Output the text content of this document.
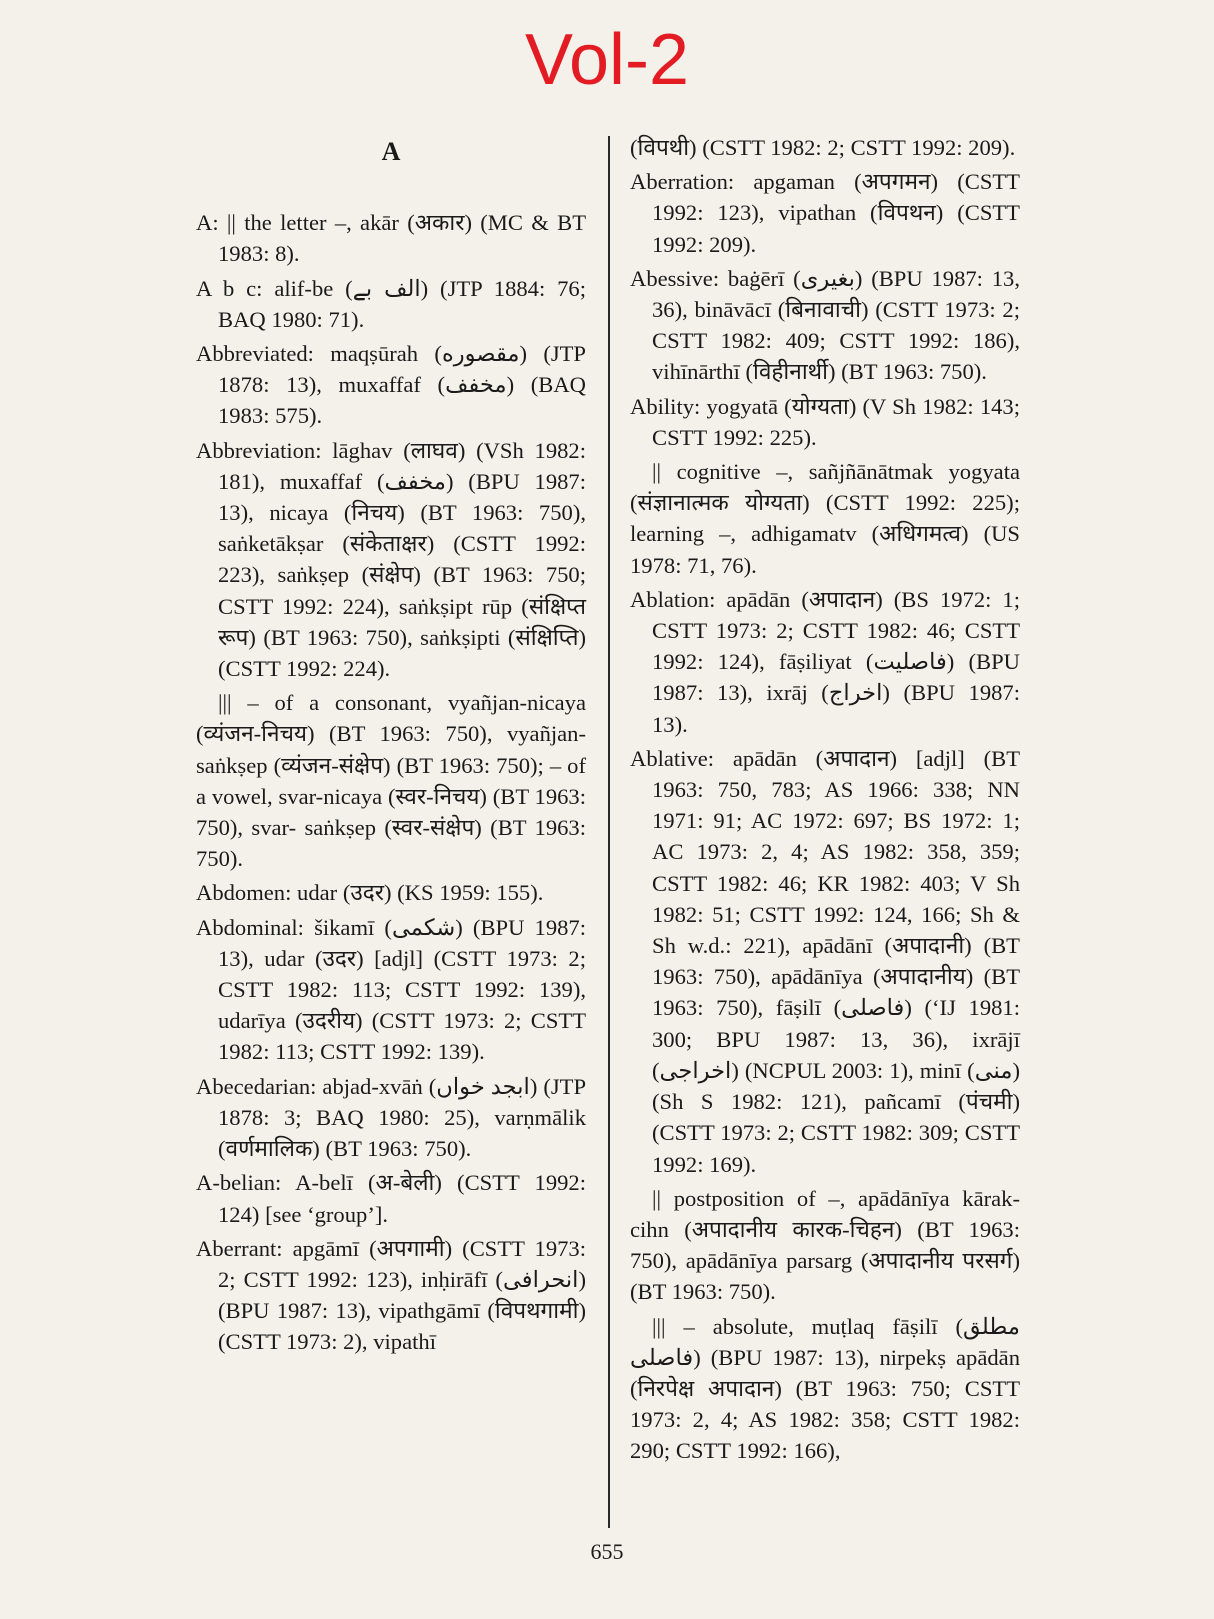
Vol-2
A

A: || the letter –, akār (अकार) (MC & BT 1983: 8).

A b c: alif-be (الف بے) (JTP 1884: 76; BAQ 1980: 71).

Abbreviated: maqṣūrah (مقصوره) (JTP 1878: 13), muxaffaf (مخفف) (BAQ 1983: 575).

Abbreviation: lāghav (लाघव) (VSh 1982: 181), muxaffaf (مخفف) (BPU 1987: 13), nicaya (निचय) (BT 1963: 750), saṅketākṣar (संकेताक्षर) (CSTT 1992: 223), saṅkṣep (संक्षेप) (BT 1963: 750; CSTT 1992: 224), saṅkṣipt rūp (संक्षिप्त रूप) (BT 1963: 750), saṅkṣipti (संक्षिप्ति) (CSTT 1992: 224).

||| – of a consonant, vyañjan-nicaya (व्यंजन-निचय) (BT 1963: 750), vyañjan-saṅkṣep (व्यंजन-संक्षेप) (BT 1963: 750); – of a vowel, svar-nicaya (स्वर-निचय) (BT 1963: 750), svar- saṅkṣep (स्वर-संक्षेप) (BT 1963: 750).

Abdomen: udar (उदर) (KS 1959: 155).

Abdominal: šikamī (شکمی) (BPU 1987: 13), udar (उदर) [adjl] (CSTT 1973: 2; CSTT 1982: 113; CSTT 1992: 139), udarīya (उदरीय) (CSTT 1973: 2; CSTT 1982: 113; CSTT 1992: 139).

Abecedarian: abjad-xvāṅ (ابجد خواں) (JTP 1878: 3; BAQ 1980: 25), varṇmālik (वर्णमालिक) (BT 1963: 750).

A-belian: A-belī (अ-बेली) (CSTT 1992: 124) [see ‘group’].

Aberrant: apgāmī (अपगामी) (CSTT 1973: 2; CSTT 1992: 123), inḥirāfī (انحرافی) (BPU 1987: 13), vipathgāmī (विपथगामी) (CSTT 1973: 2), vipathī

(विपथी) (CSTT 1982: 2; CSTT 1992: 209).

Aberration: apgaman (अपगमन) (CSTT 1992: 123), vipathan (विपथन) (CSTT 1992: 209).

Abessive: baġērī (بغیری) (BPU 1987: 13, 36), bināvācī (बिनावाची) (CSTT 1973: 2; CSTT 1982: 409; CSTT 1992: 186), vihīnārthī (विहीनार्थी) (BT 1963: 750).

Ability: yogyatā (योग्यता) (V Sh 1982: 143; CSTT 1992: 225).

|| cognitive –, sañjñānātmak yogyata (संज्ञानात्मक योग्यता) (CSTT 1992: 225); learning –, adhigamatv (अधिगमत्व) (US 1978: 71, 76).

Ablation: apādān (अपादान) (BS 1972: 1; CSTT 1973: 2; CSTT 1982: 46; CSTT 1992: 124), fāṣiliyat (فاصلیت) (BPU 1987: 13), ixrāj (اخراج) (BPU 1987: 13).

Ablative: apādān (अपादान) [adjl] (BT 1963: 750, 783; AS 1966: 338; NN 1971: 91; AC 1972: 697; BS 1972: 1; AC 1973: 2, 4; AS 1982: 358, 359; CSTT 1982: 46; KR 1982: 403; V Sh 1982: 51; CSTT 1992: 124, 166; Sh & Sh w.d.: 221), apādānī (अपादानी) (BT 1963: 750), apādānīya (अपादानीय) (BT 1963: 750), fāṣilī (فاصلی) (‘IJ 1981: 300; BPU 1987: 13, 36), ixrājī (اخراجی) (NCPUL 2003: 1), minī (منی) (Sh S 1982: 121), pañcamī (पंचमी) (CSTT 1973: 2; CSTT 1982: 309; CSTT 1992: 169).

|| postposition of –, apādānīya kārak-cihn (अपादानीय कारक-चिहन) (BT 1963: 750), apādānīya parsarg (अपादानीय परसर्ग) (BT 1963: 750).

||| – absolute, muṭlaq fāṣilī (مطلق فاصلی) (BPU 1987: 13), nirpekṣ apādān (निरपेक्ष अपादान) (BT 1963: 750; CSTT 1973: 2, 4; AS 1982: 358; CSTT 1982: 290; CSTT 1992: 166),

655
